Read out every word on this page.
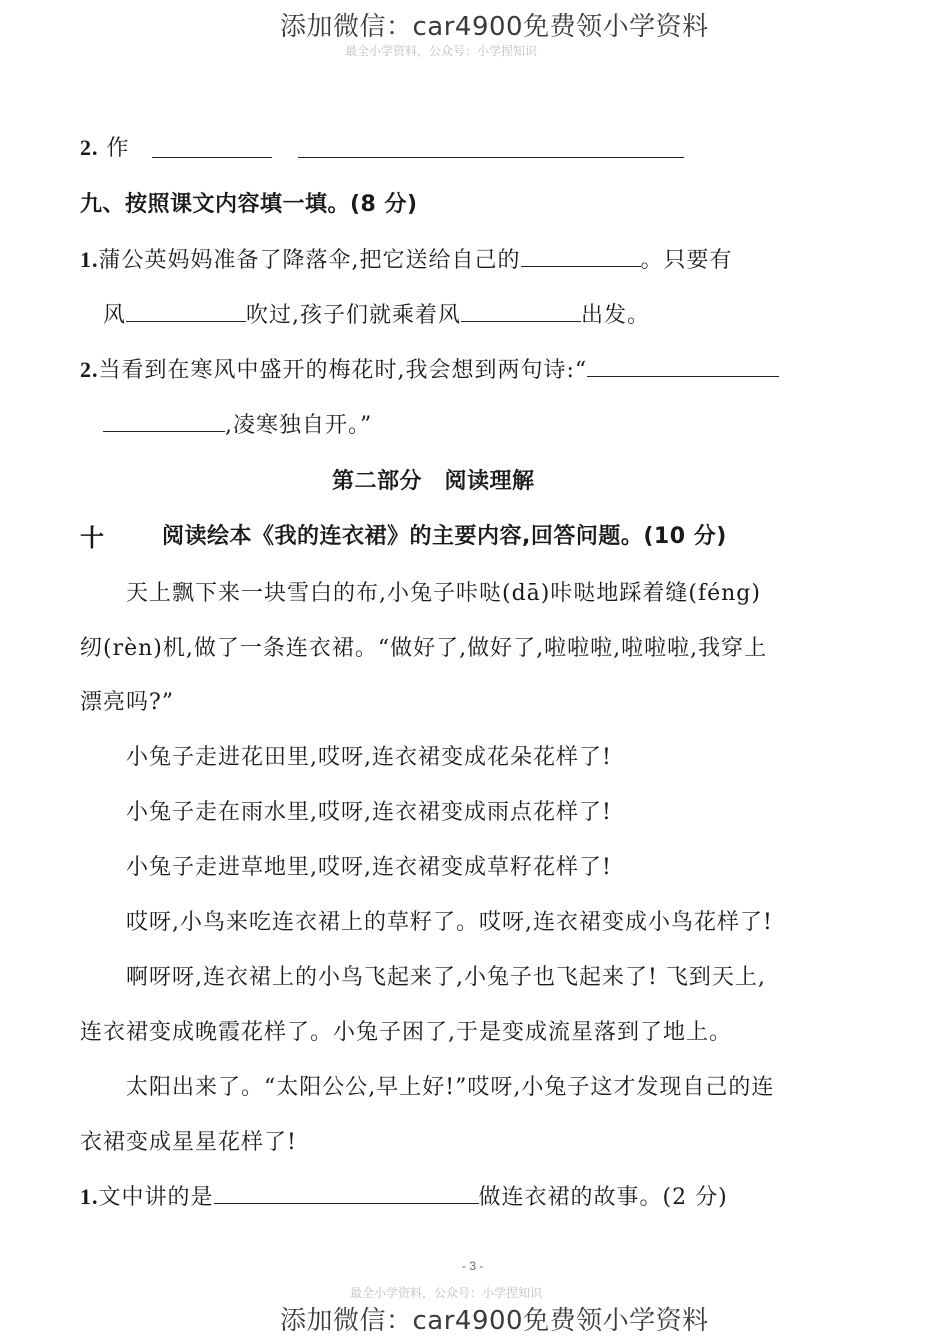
添加微信：car4900免费领小学资料
最全小学资料，公众号：小学捏知识
2. 作
九、按照课文内容填一填。(8 分)
1.蒲公英妈妈准备了降落伞,把它送给自己的	。只要有
风	吹过,孩子们就乘着风	出发。
2.当看到在寒风中盛开的梅花时,我会想到两句诗:“
,凌寒独自开。”
第二部分　阅读理解
十	阅读绘本《我的连衣裙》的主要内容,回答问题。(10 分)
天上飘下来一块雪白的布,小兔子咔哒(dā)咔哒地踩着缝(féng)
纫(rèn)机,做了一条连衣裙。“做好了,做好了,啦啦啦,啦啦啦,我穿上
漂亮吗?”
小兔子走进花田里,哎呀,连衣裙变成花朵花样了!
小兔子走在雨水里,哎呀,连衣裙变成雨点花样了!
小兔子走进草地里,哎呀,连衣裙变成草籽花样了!
哎呀,小鸟来吃连衣裙上的草籽了。哎呀,连衣裙变成小鸟花样了!
啊呀呀,连衣裙上的小鸟飞起来了,小兔子也飞起来了! 飞到天上,
连衣裙变成晚霞花样了。小兔子困了,于是变成流星落到了地上。
太阳出来了。“太阳公公,早上好!”哎呀,小兔子这才发现自己的连
衣裙变成星星花样了!
1.文中讲的是	做连衣裙的故事。(2 分)
- 3 -
最全小学资料，公众号：小学捏知识
添加微信：car4900免费领小学资料
